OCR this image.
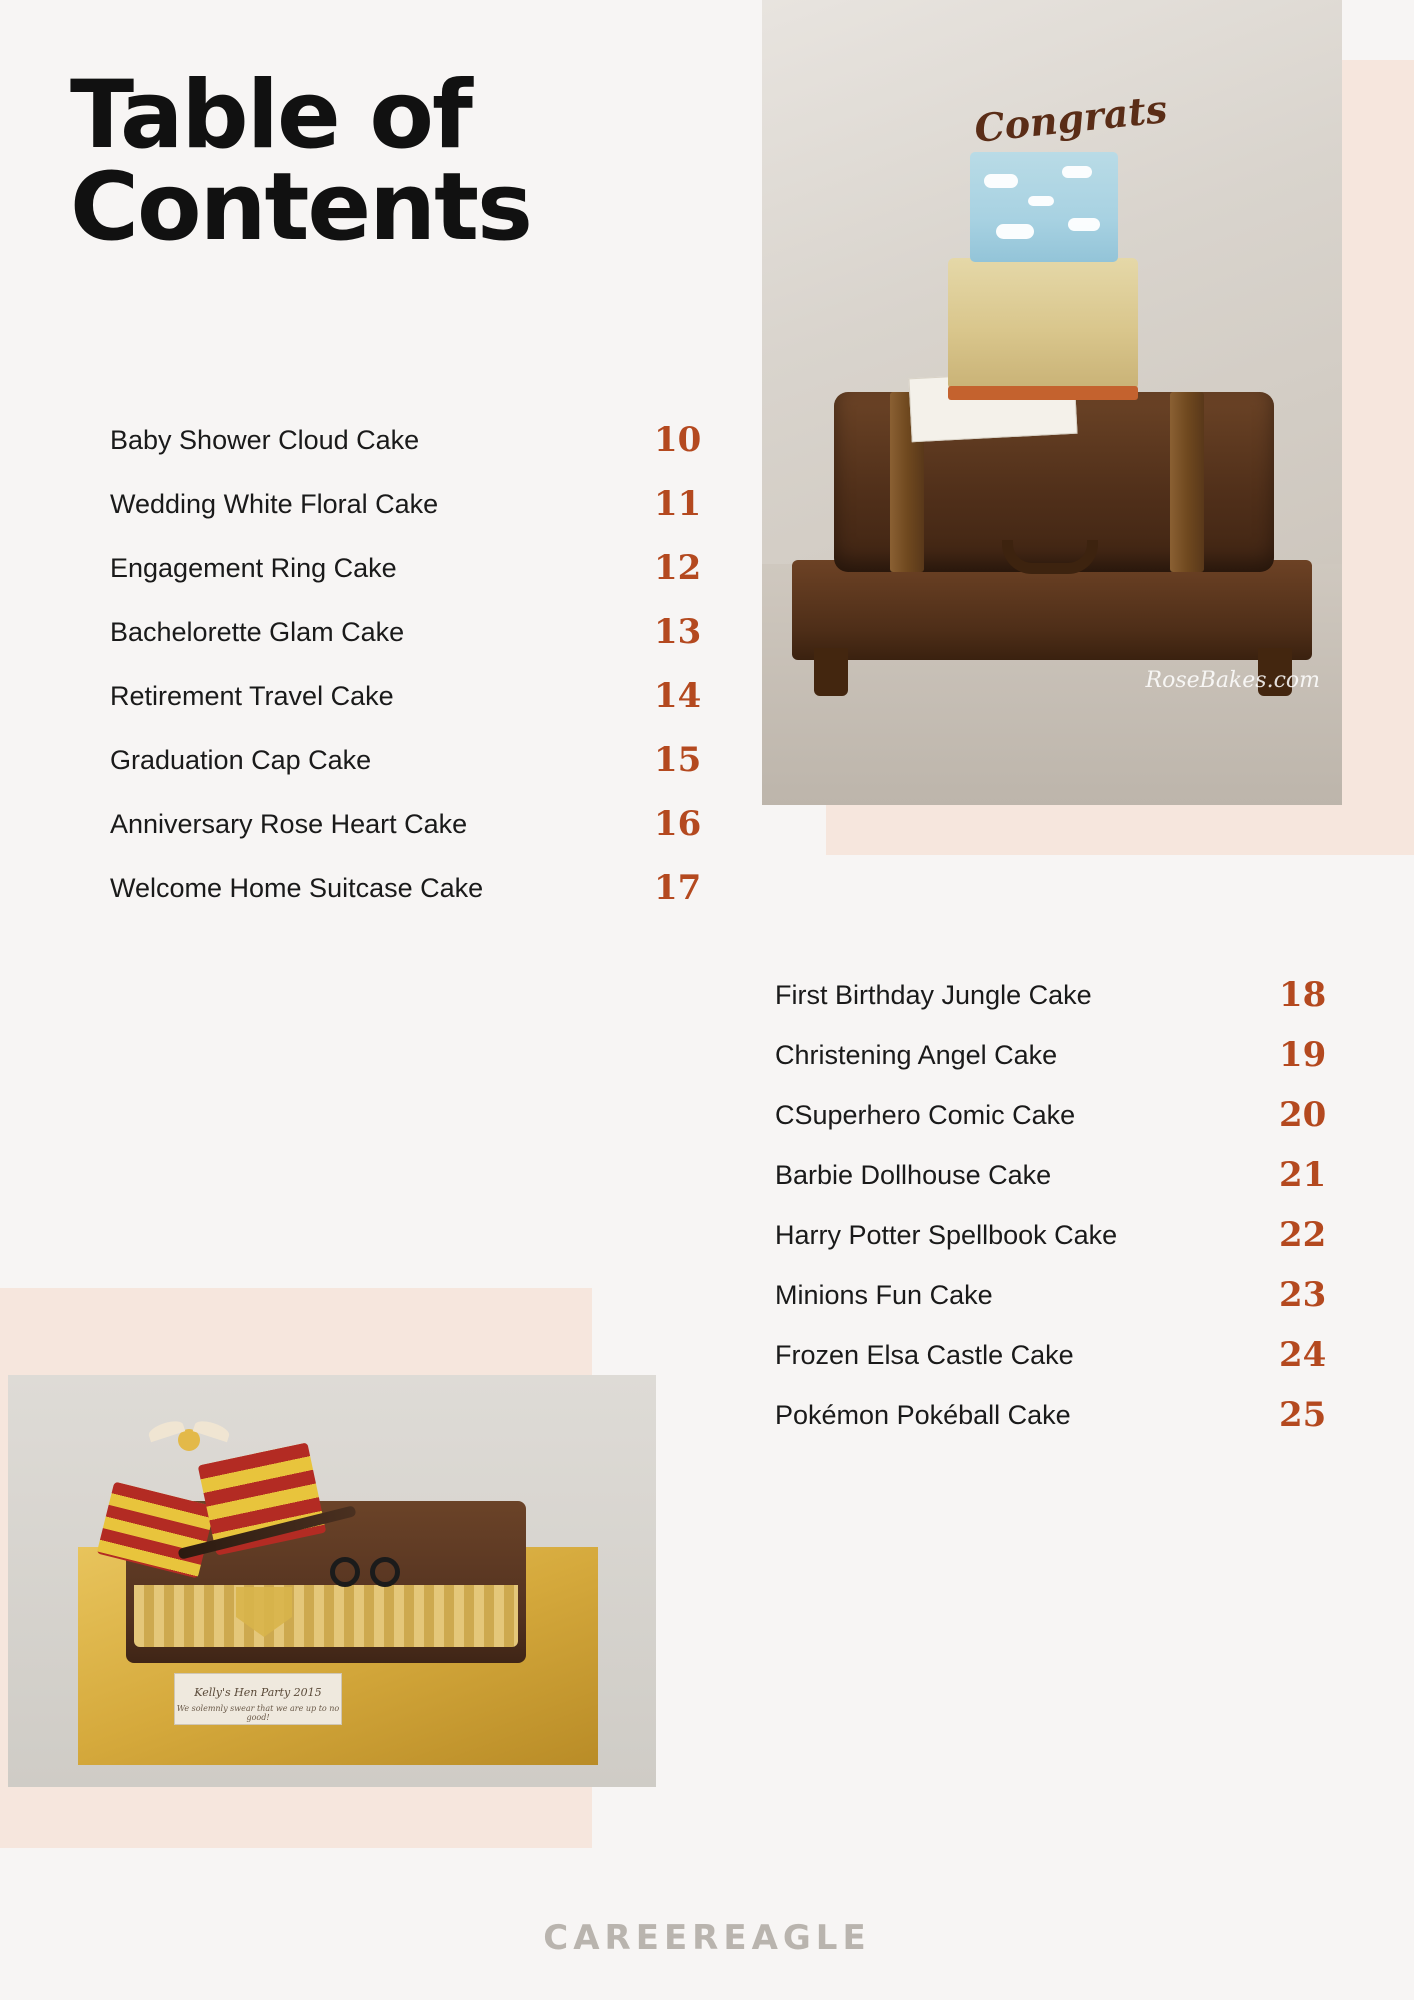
Table of
Contents
Baby Shower Cloud Cake	10
Wedding White Floral Cake	11
Engagement Ring Cake	12
Bachelorette Glam Cake	13
Retirement Travel Cake	14
Graduation Cap Cake	15
Anniversary Rose Heart Cake	16
Welcome Home Suitcase Cake	17
First Birthday Jungle Cake	18
Christening Angel Cake	19
CSuperhero Comic Cake	20
Barbie Dollhouse Cake	21
Harry Potter Spellbook Cake	22
Minions Fun Cake	23
Frozen Elsa Castle Cake	24
Pokémon Pokéball Cake	25
Congrats
RoseBakes.com
Kelly's Hen Party 2015
We solemnly swear that we are up to no good!
CAREEREAGLE
